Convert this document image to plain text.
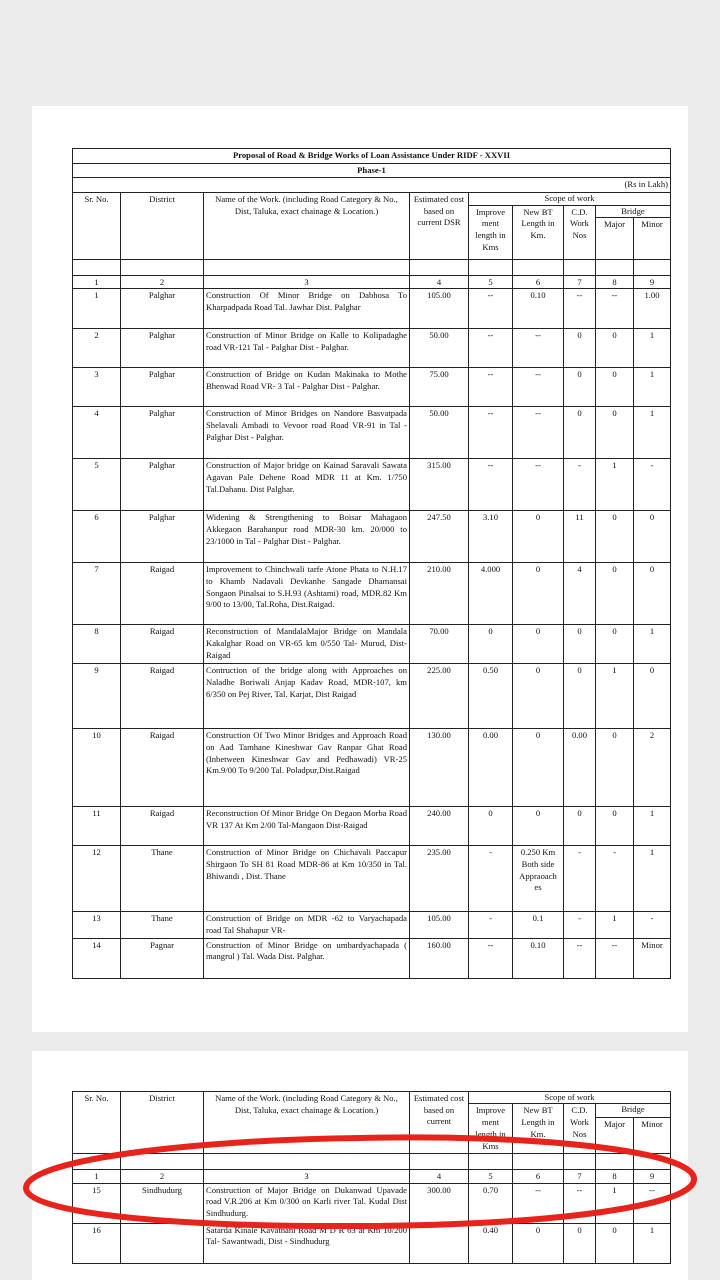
Proposal of Road & Bridge Works of Loan Assistance Under RIDF - XXVII								
Phase-1								
(Rs in Lakh)								
Sr. No.	District	Name of the Work. (including Road Category & No., Dist, Taluka, exact chainage & Location.)	Estimated cost based on current DSR	Scope of work				
				Improve ment length in Kms	New BT Length in Km.	C.D. Work Nos	Bridge	
							Major	Minor

1	2	3	4	5	6	7	8	9
1	Palghar	Construction Of Minor Bridge on Dabhosa To Kharpadpada Road Tal. Jawhar Dist. Palghar	105.00	--	0.10	--	--	1.00
2	Palghar	Construction of Minor Bridge on Kalle to Kolipadaghe road VR-121 Tal - Palghar Dist - Palghar.	50.00	--	--	0	0	1
3	Palghar	Construction of Bridge on Kudan Makinaka to Mothe Bhenwad Road VR- 3 Tal - Palghar Dist - Palghar.	75.00	--	--	0	0	1
4	Palghar	Construction of Minor Bridges on Nandore Basvatpada Shelavali Ambadi to Vevoor road Road VR-91 in Tal - Palghar Dist - Palghar.	50.00	--	--	0	0	1
5	Palghar	Construction of Major bridge on Kainad Saravali Sawata Agavan Pale Dehene Road MDR 11 at Km. 1/750 Tal.Dahanu. Dist Palghar.	315.00	--	--	-	1	-
6	Palghar	Widening & Strengthening to Boisar Mahagaon Akkegaon Barahanpur road MDR-30 km. 20/000 to 23/1000 in Tal - Palghar Dist - Palghar.	247.50	3.10	0	11	0	0
7	Raigad	Improvement to Chinchwali tarfe Atone Phata to N.H.17 to Khamb Nadavali Devkanhe Sangade Dhamansai Songaon Pinalsai to S.H.93 (Ashtami) road, MDR.82 Km 9/00 to 13/00, Tal.Roha, Dist.Raigad.	210.00	4.000	0	4	0	0
8	Raigad	Reconstruction of MandalaMajor Bridge on Mandala Kakalghar Road on VR-65 km 0/550 Tal- Murud, Dist- Raigad	70.00	0	0	0	0	1
9	Raigad	Contruction of the bridge along with Approaches on Naladhe Boriwali Anjap Kadav Road, MDR-107, km 6/350 on Pej River, Tal. Karjat, Dist Raigad	225.00	0.50	0	0	1	0
10	Raigad	Construction Of Two Minor Bridges and Approach Road on Aad Tamhane Kineshwar Gav Ranpar Ghat Road (Inbetween Kineshwar Gav and Pedhawadi) VR-25 Km.9/00 To 9/200 Tal. Poladpur,Dist.Raigad	130.00	0.00	0	0.00	0	2
11	Raigad	Reconstruction Of Minor Bridge On Degaon Morba Road VR 137 At Km 2/00 Tal-Mangaon Dist-Raigad	240.00	0	0	0	0	1
12	Thane	Construction of Minor Bridge on Chichavali Paccapur Shirgaon To SH 81 Road MDR-86 at Km 10/350 in Tal. Bhiwandi , Dist. Thane	235.00	-	0.250 Km Both side Appraoach es	-	-	1
13	Thane	Construction of Bridge on MDR -62 to Varyachapada road Tal Shahapur VR-	105.00	-	0.1	-	1	-
14	Pagnar	Construction of Minor Bridge on umbardyachapada ( mangrul ) Tal. Wada Dist. Palghar.	160.00	--	0.10	--	--	Minor
Sr. No.	District	Name of the Work. (including Road Category & No., Dist, Taluka, exact chainage & Location.)	Estimated cost based on current	Scope of work				
				Improve ment length in Kms	New BT Length in Km.	C.D. Work Nos	Bridge	
							Major	Minor

1	2	3	4	5	6	7	8	9
15	Sindhudurg	Construction of Major Bridge on Dukanwad Upavade road V.R.206 at Km 0/300 on Karli river Tal. Kudal Dist Sindhudurg.	300.00	0.70	--	--	1	--
16		Satarda Kinale Kavathani Road M D R 63 at Km 10/200 Tal- Sawantwadi, Dist - Sindhudurg		0.40	0	0	0	1
